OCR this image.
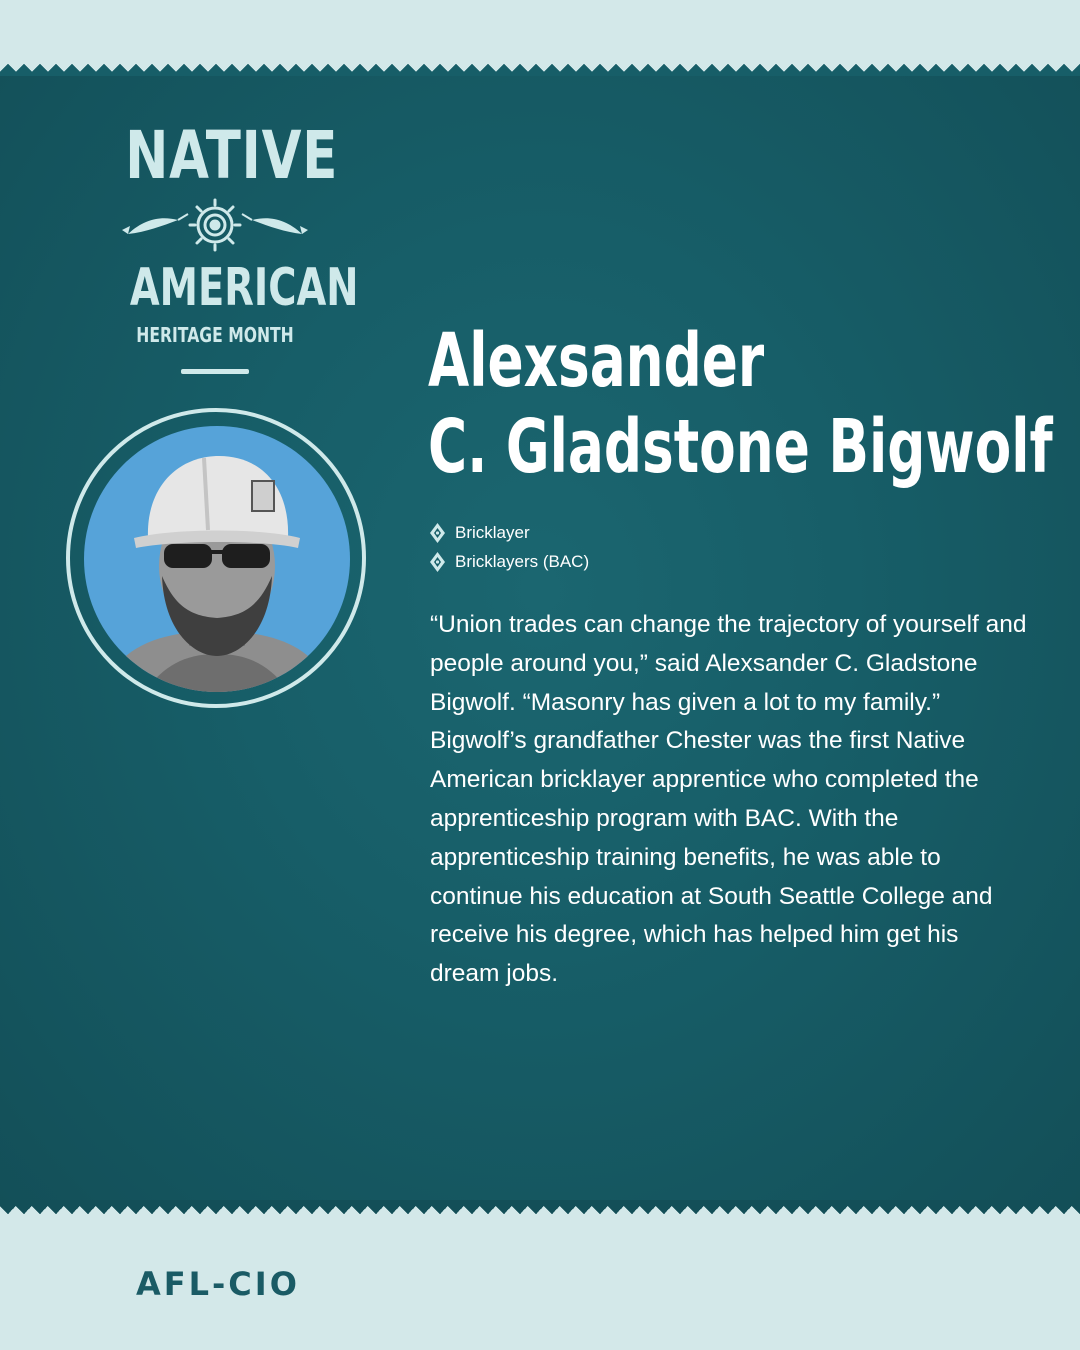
NATIVE
AMERICAN
HERITAGE MONTH Alexsander
C. Gladstone Bigwolf
Bricklayer
Bricklayers (BAC)

“Union trades can change the trajectory of yourself and people around you,” said Alexsander C. Gladstone Bigwolf. “Masonry has given a lot to my family.” Bigwolf’s grandfather Chester was the first Native American bricklayer apprentice who completed the apprenticeship program with BAC. With the apprenticeship training benefits, he was able to continue his education at South Seattle College and receive his degree, which has helped him get his dream jobs.

AFL-CIO
